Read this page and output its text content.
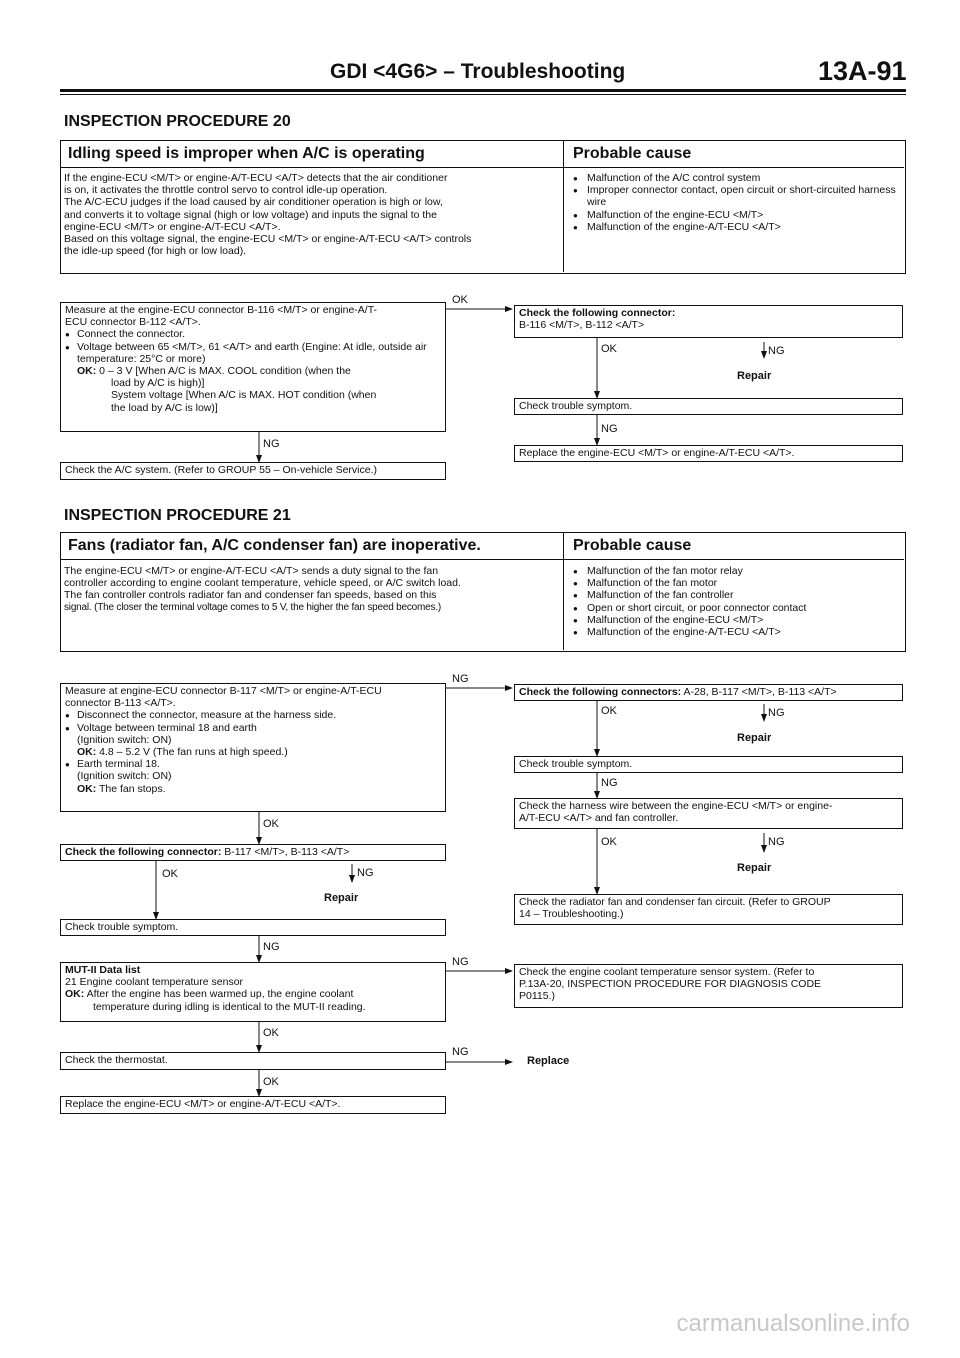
GDI <4G6> – Troubleshooting	13A-91
INSPECTION PROCEDURE 20
Idling speed is improper when A/C is operating	Probable cause
If the engine-ECU <M/T> or engine-A/T-ECU <A/T> detects that the air conditioner
is on, it activates the throttle control servo to control idle-up operation.
The A/C-ECU judges if the load caused by air conditioner operation is high or low,
and converts it to voltage signal (high or low voltage) and inputs the signal to the
engine-ECU <M/T> or engine-A/T-ECU <A/T>.
Based on this voltage signal, the engine-ECU <M/T> or engine-A/T-ECU <A/T> controls
the idle-up speed (for high or low load).
● Malfunction of the A/C control system
● Improper connector contact, open circuit or short-circuited harness wire
● Malfunction of the engine-ECU <M/T>
● Malfunction of the engine-A/T-ECU <A/T>
Measure at the engine-ECU connector B-116 <M/T> or engine-A/T-
ECU connector B-112 <A/T>.
● Connect the connector.
● Voltage between 65 <M/T>, 61 <A/T> and earth (Engine: At idle, outside air temperature: 25°C or more)
OK: 0 – 3 V [When A/C is MAX. COOL condition (when the
load by A/C is high)]
System voltage [When A/C is MAX. HOT condition (when
the load by A/C is low)]
OK
NG
Check the A/C system. (Refer to GROUP 55 – On-vehicle Service.)
Check the following connector:
B-116 <M/T>, B-112 <A/T>
OK	NG
Repair
Check trouble symptom.
NG
Replace the engine-ECU <M/T> or engine-A/T-ECU <A/T>.
INSPECTION PROCEDURE 21
Fans (radiator fan, A/C condenser fan) are inoperative.	Probable cause
The engine-ECU <M/T> or engine-A/T-ECU <A/T> sends a duty signal to the fan
controller according to engine coolant temperature, vehicle speed, or A/C switch load.
The fan controller controls radiator fan and condenser fan speeds, based on this
signal. (The closer the terminal voltage comes to 5 V, the higher the fan speed becomes.)
● Malfunction of the fan motor relay
● Malfunction of the fan motor
● Malfunction of the fan controller
● Open or short circuit, or poor connector contact
● Malfunction of the engine-ECU <M/T>
● Malfunction of the engine-A/T-ECU <A/T>
NG
Measure at engine-ECU connector B-117 <M/T> or engine-A/T-ECU
connector B-113 <A/T>.
● Disconnect the connector, measure at the harness side.
● Voltage between terminal 18 and earth
(Ignition switch: ON)
OK: 4.8 – 5.2 V (The fan runs at high speed.)
● Earth terminal 18.
(Ignition switch: ON)
OK: The fan stops.
OK
Check the following connector: B-117 <M/T>, B-113 <A/T>
OK	NG
Repair
Check trouble symptom.
NG
NG
MUT-II Data list
21 Engine coolant temperature sensor
OK: After the engine has been warmed up, the engine coolant
temperature during idling is identical to the MUT-II reading.
OK
NG
Check the thermostat.	Replace
OK
Replace the engine-ECU <M/T> or engine-A/T-ECU <A/T>.
Check the following connectors: A-28, B-117 <M/T>, B-113 <A/T>
OK	NG
Repair
Check trouble symptom.
NG
Check the harness wire between the engine-ECU <M/T> or engine-
A/T-ECU <A/T> and fan controller.
OK	NG
Repair
Check the radiator fan and condenser fan circuit. (Refer to GROUP
14 – Troubleshooting.)
Check the engine coolant temperature sensor system. (Refer to
P.13A-20, INSPECTION PROCEDURE FOR DIAGNOSIS CODE
P0115.)
carmanualsonline.info
